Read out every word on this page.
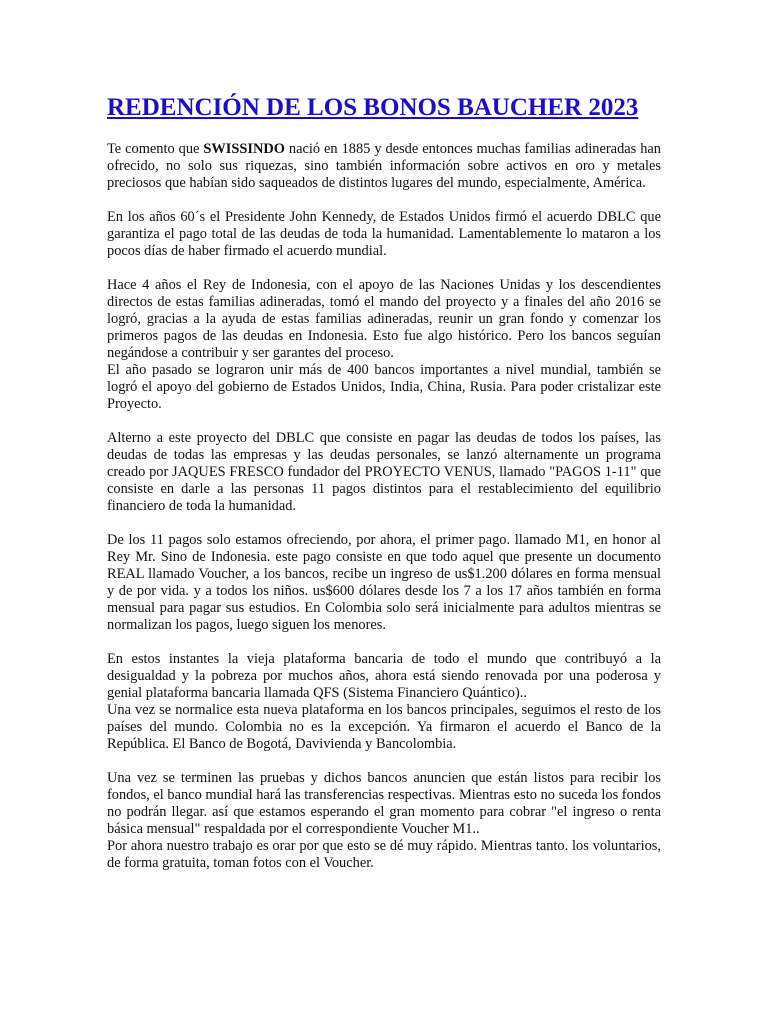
REDENCIÓN DE LOS BONOS BAUCHER 2023

Te comento que SWISSINDO nació en 1885 y desde entonces muchas familias adineradas han ofrecido, no solo sus riquezas, sino también información sobre activos en oro y metales preciosos que habían sido saqueados de distintos lugares del mundo, especialmente, América.

En los años 60´s el Presidente John Kennedy, de Estados Unidos firmó el acuerdo DBLC que garantiza el pago total de las deudas de toda la humanidad. Lamentablemente lo mataron a los pocos días de haber firmado el acuerdo mundial.

Hace 4 años el Rey de Indonesia, con el apoyo de las Naciones Unidas y los descendientes directos de estas familias adineradas, tomó el mando del proyecto y a finales del año 2016 se logró, gracias a la ayuda de estas familias adineradas, reunir un gran fondo y comenzar los primeros pagos de las deudas en Indonesia. Esto fue algo histórico. Pero los bancos seguían negándose a contribuir y ser garantes del proceso.

El año pasado se lograron unir más de 400 bancos importantes a nivel mundial, también se logró el apoyo del gobierno de Estados Unidos, India, China, Rusia. Para poder cristalizar este Proyecto.

Alterno a este proyecto del DBLC que consiste en pagar las deudas de todos los países, las deudas de todas las empresas y las deudas personales, se lanzó alternamente un programa creado por JAQUES FRESCO fundador del PROYECTO VENUS, llamado "PAGOS 1-11" que consiste en darle a las personas 11 pagos distintos para el restablecimiento del equilibrio financiero de toda la humanidad.

De los 11 pagos solo estamos ofreciendo, por ahora, el primer pago. llamado M1, en honor al Rey Mr. Sino de Indonesia. este pago consiste en que todo aquel que presente un documento REAL llamado Voucher, a los bancos, recibe un ingreso de us$1.200 dólares en forma mensual y de por vida. y a todos los niños. us$600 dólares desde los 7 a los 17 años también en forma mensual para pagar sus estudios. En Colombia solo será inicialmente para adultos mientras se normalizan los pagos, luego siguen los menores.

En estos instantes la vieja plataforma bancaria de todo el mundo que contribuyó a la desigualdad y la pobreza por muchos años, ahora está siendo renovada por una poderosa y genial plataforma bancaria llamada QFS (Sistema Financiero Quántico)..

Una vez se normalice esta nueva plataforma en los bancos principales, seguimos el resto de los países del mundo. Colombia no es la excepción. Ya firmaron el acuerdo el Banco de la República. El Banco de Bogotá, Davivienda y Bancolombia.

Una vez se terminen las pruebas y dichos bancos anuncien que están listos para recibir los fondos, el banco mundial hará las transferencias respectivas. Mientras esto no suceda los fondos no podrán llegar. así que estamos esperando el gran momento para cobrar "el ingreso o renta básica mensual" respaldada por el correspondiente Voucher M1..

Por ahora nuestro trabajo es orar por que esto se dé muy rápido. Mientras tanto. los voluntarios, de forma gratuita, toman fotos con el Voucher.
